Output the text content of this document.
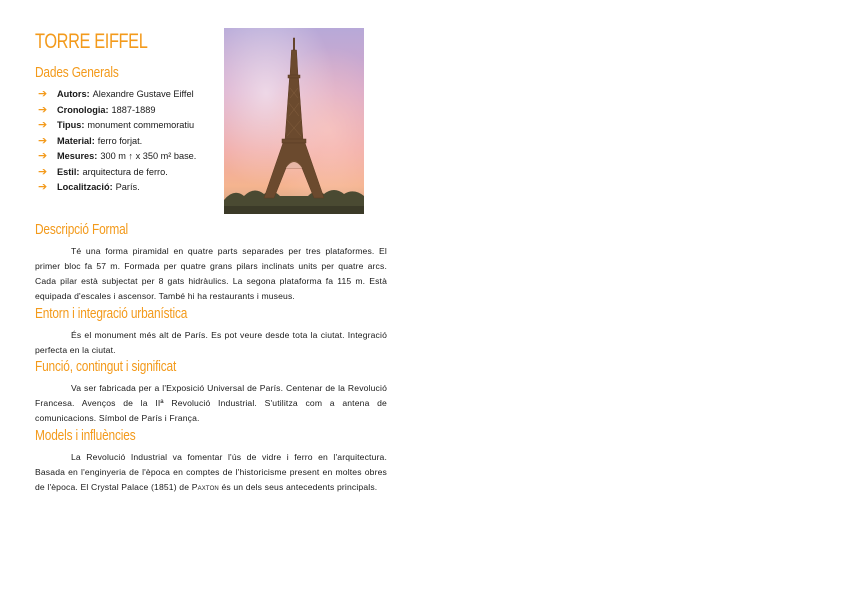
TORRE EIFFEL
Dades Generals
➔	Autors: Alexandre Gustave Eiffel
➔	Cronologia: 1887-1889
➔	Tipus: monument commemoratiu
➔	Material: ferro forjat.
➔	Mesures: 300 m ↑ x 350 m² base.
➔	Estil: arquitectura de ferro.
➔	Localització: París.
Descripció Formal

Té una forma piramidal en quatre parts separades per tres plataformes. El primer bloc fa 57 m. Formada per quatre grans pilars inclinats units per quatre arcs. Cada pilar està subjectat per 8 gats hidràulics. La segona plataforma fa 115 m. Està equipada d'escales i ascensor. També hi ha restaurants i museus.

Entorn i integració urbanística

És el monument més alt de París. Es pot veure desde tota la ciutat. Integració perfecta en la ciutat.

Funció, contingut i significat

Va ser fabricada per a l'Exposició Universal de París. Centenar de la Revolució Francesa. Avenços de la IIª Revolució Industrial. S'utilitza com a antena de comunicacions. Símbol de París i França.

Models i influències

La Revolució Industrial va fomentar l'ús de vidre i ferro en l'arquitectura. Basada en l'enginyeria de l'època en comptes de l'historicisme present en moltes obres de l'època. El Crystal Palace (1851) de Paxton és un dels seus antecedents principals.
